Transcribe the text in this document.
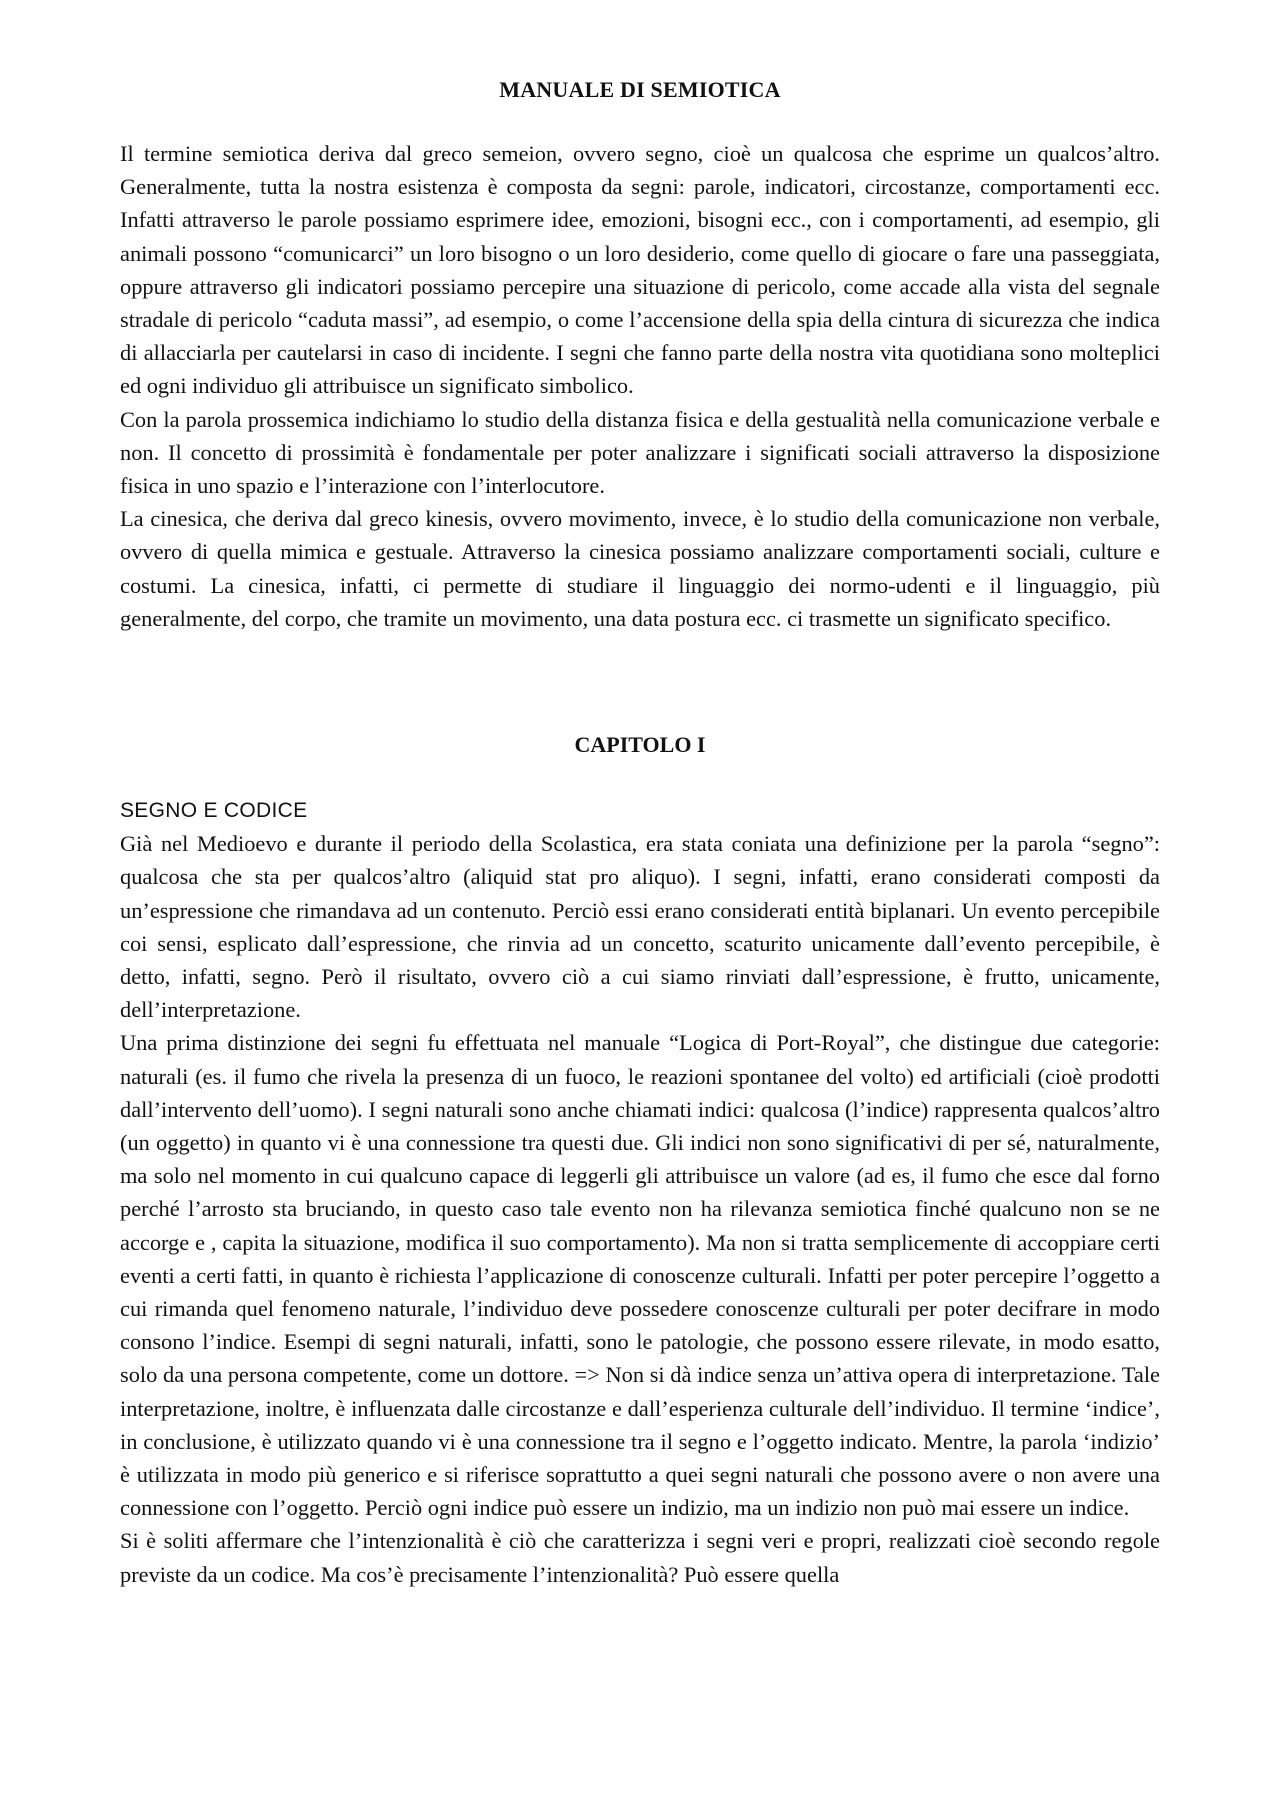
MANUALE DI SEMIOTICA

Il termine semiotica deriva dal greco semeion, ovvero segno, cioè un qualcosa che esprime un qualcos’altro. Generalmente, tutta la nostra esistenza è composta da segni: parole, indicatori, circostanze, comportamenti ecc. Infatti attraverso le parole possiamo esprimere idee, emozioni, bisogni ecc., con i comportamenti, ad esempio, gli animali possono “comunicarci” un loro bisogno o un loro desiderio, come quello di giocare o fare una passeggiata, oppure attraverso gli indicatori possiamo percepire una situazione di pericolo, come accade alla vista del segnale stradale di pericolo “caduta massi”, ad esempio, o come l’accensione della spia della cintura di sicurezza che indica di allacciarla per cautelarsi in caso di incidente. I segni che fanno parte della nostra vita quotidiana sono molteplici ed ogni individuo gli attribuisce un significato simbolico.

Con la parola prossemica indichiamo lo studio della distanza fisica e della gestualità nella comunicazione verbale e non. Il concetto di prossimità è fondamentale per poter analizzare i significati sociali attraverso la disposizione fisica in uno spazio e l’interazione con l’interlocutore.

La cinesica, che deriva dal greco kinesis, ovvero movimento, invece, è lo studio della comunicazione non verbale, ovvero di quella mimica e gestuale. Attraverso la cinesica possiamo analizzare comportamenti sociali, culture e costumi. La cinesica, infatti, ci permette di studiare il linguaggio dei normo-udenti e il linguaggio, più generalmente, del corpo, che tramite un movimento, una data postura ecc. ci trasmette un significato specifico.

CAPITOLO I

SEGNO E CODICE

Già nel Medioevo e durante il periodo della Scolastica, era stata coniata una definizione per la parola “segno”: qualcosa che sta per qualcos’altro (aliquid stat pro aliquo). I segni, infatti, erano considerati composti da un’espressione che rimandava ad un contenuto. Perciò essi erano considerati entità biplanari. Un evento percepibile coi sensi, esplicato dall’espressione, che rinvia ad un concetto, scaturito unicamente dall’evento percepibile, è detto, infatti, segno. Però il risultato, ovvero ciò a cui siamo rinviati dall’espressione, è frutto, unicamente, dell’interpretazione.

Una prima distinzione dei segni fu effettuata nel manuale “Logica di Port-Royal”, che distingue due categorie: naturali (es. il fumo che rivela la presenza di un fuoco, le reazioni spontanee del volto) ed artificiali (cioè prodotti dall’intervento dell’uomo). I segni naturali sono anche chiamati indici: qualcosa (l’indice) rappresenta qualcos’altro (un oggetto) in quanto vi è una connessione tra questi due. Gli indici non sono significativi di per sé, naturalmente, ma solo nel momento in cui qualcuno capace di leggerli gli attribuisce un valore (ad es, il fumo che esce dal forno perché l’arrosto sta bruciando, in questo caso tale evento non ha rilevanza semiotica finché qualcuno non se ne accorge e , capita la situazione, modifica il suo comportamento). Ma non si tratta semplicemente di accoppiare certi eventi a certi fatti, in quanto è richiesta l’applicazione di conoscenze culturali. Infatti per poter percepire l’oggetto a cui rimanda quel fenomeno naturale, l’individuo deve possedere conoscenze culturali per poter decifrare in modo consono l’indice. Esempi di segni naturali, infatti, sono le patologie, che possono essere rilevate, in modo esatto, solo da una persona competente, come un dottore. => Non si dà indice senza un’attiva opera di interpretazione. Tale interpretazione, inoltre, è influenzata dalle circostanze e dall’esperienza culturale dell’individuo. Il termine ‘indice’, in conclusione, è utilizzato quando vi è una connessione tra il segno e l’oggetto indicato. Mentre, la parola ‘indizio’ è utilizzata in modo più generico e si riferisce soprattutto a quei segni naturali che possono avere o non avere una connessione con l’oggetto. Perciò ogni indice può essere un indizio, ma un indizio non può mai essere un indice.

Si è soliti affermare che l’intenzionalità è ciò che caratterizza i segni veri e propri, realizzati cioè secondo regole previste da un codice. Ma cos’è precisamente l’intenzionalità? Può essere quella
